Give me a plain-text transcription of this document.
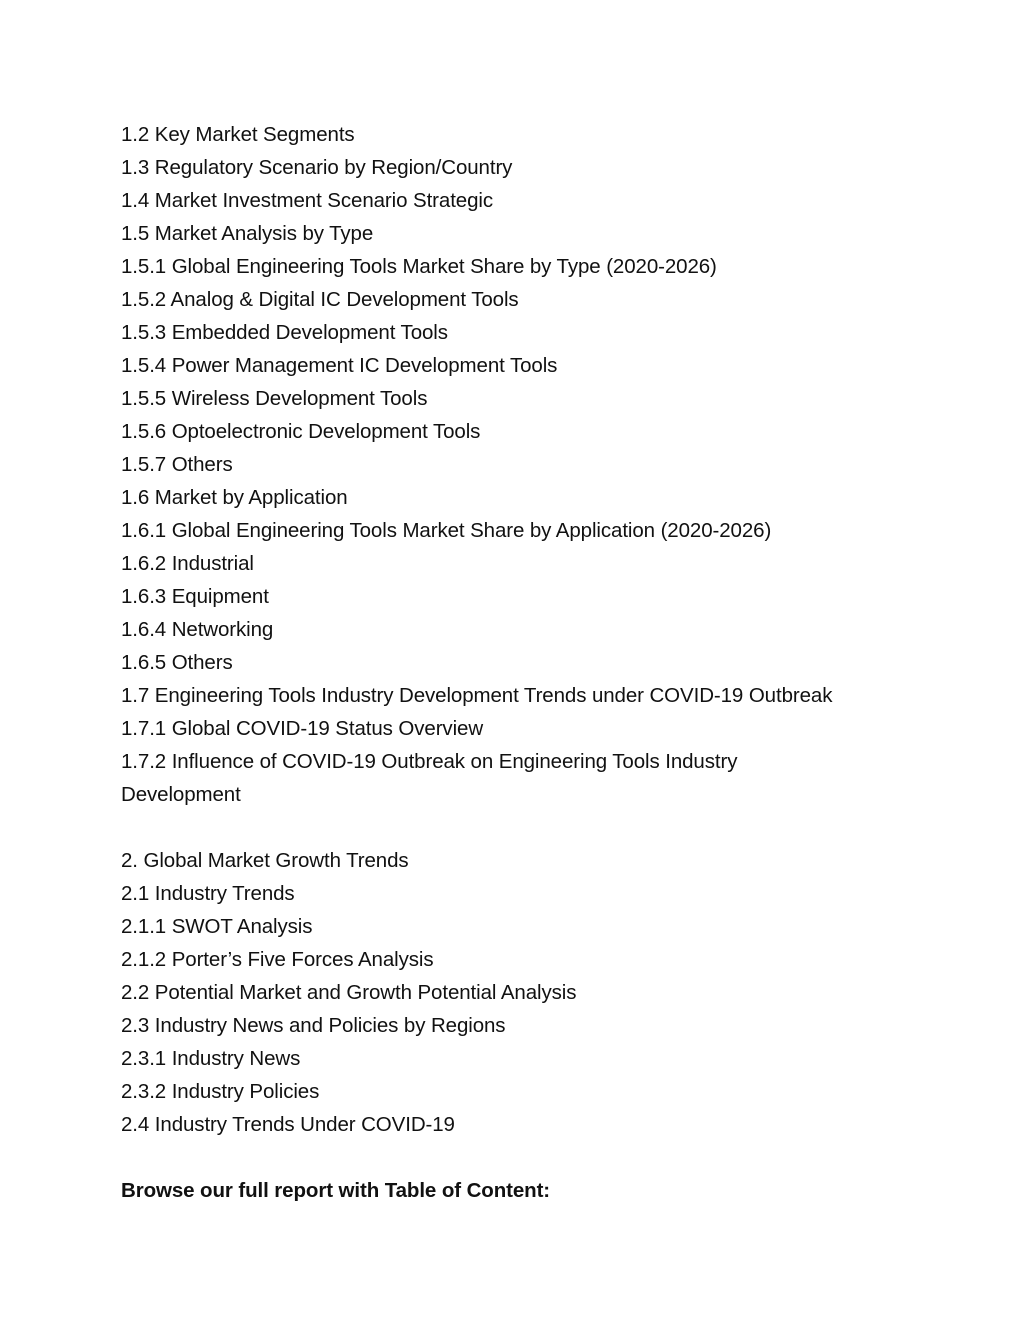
1.2 Key Market Segments
1.3 Regulatory Scenario by Region/Country
1.4 Market Investment Scenario Strategic
1.5 Market Analysis by Type
1.5.1 Global Engineering Tools Market Share by Type (2020-2026)
1.5.2 Analog & Digital IC Development Tools
1.5.3 Embedded Development Tools
1.5.4 Power Management IC Development Tools
1.5.5 Wireless Development Tools
1.5.6 Optoelectronic Development Tools
1.5.7 Others
1.6 Market by Application
1.6.1 Global Engineering Tools Market Share by Application (2020-2026)
1.6.2 Industrial
1.6.3 Equipment
1.6.4 Networking
1.6.5 Others
1.7 Engineering Tools Industry Development Trends under COVID-19 Outbreak
1.7.1 Global COVID-19 Status Overview
1.7.2 Influence of COVID-19 Outbreak on Engineering Tools Industry
Development
2. Global Market Growth Trends
2.1 Industry Trends
2.1.1 SWOT Analysis
2.1.2 Porter’s Five Forces Analysis
2.2 Potential Market and Growth Potential Analysis
2.3 Industry News and Policies by Regions
2.3.1 Industry News
2.3.2 Industry Policies
2.4 Industry Trends Under COVID-19
Browse our full report with Table of Content:
